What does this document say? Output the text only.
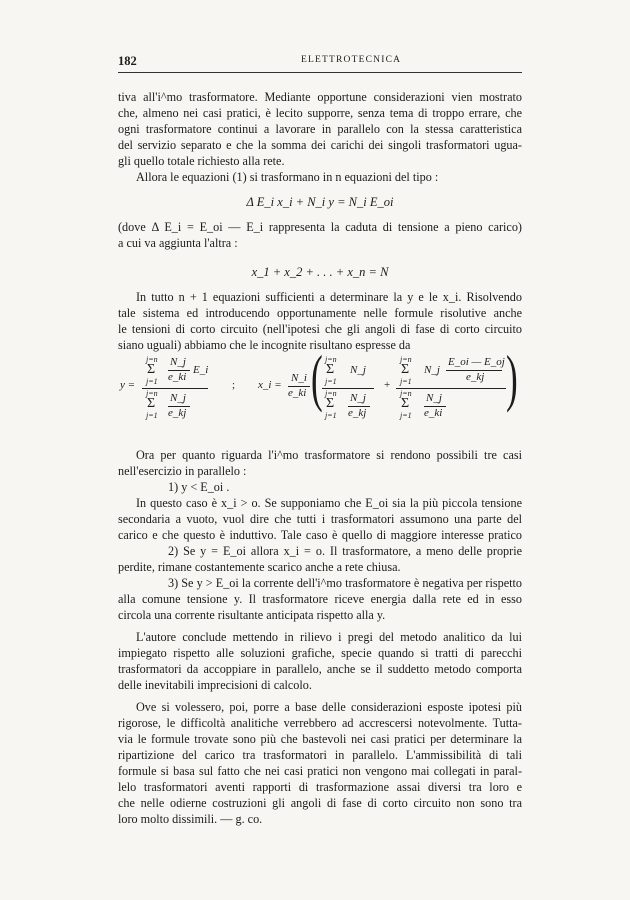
182	ELETTROTECNICA
tiva all'i^mo trasformatore. Mediante opportune considerazioni vien mostrato
che, almeno nei casi pratici, è lecito supporre, senza tema di troppo errare, che
ogni trasformatore continui a lavorare in parallelo con la stessa caratteristica
del servizio separato e che la somma dei carichi dei singoli trasformatori ugua-
gli quello totale richiesto alla rete.
Allora le equazioni (1) si trasformano in n equazioni del tipo :
Δ E_i x_i + N_i y = N_i E_oi
(dove Δ E_i = E_oi — E_i rappresenta la caduta di tensione a pieno carico)
a cui va aggiunta l'altra :
x_1 + x_2 + . . . + x_n = N
In tutto n + 1 equazioni sufficienti a determinare la y e le x_i. Risolvendo
tale sistema ed introducendo opportunamente nelle formule risolutive anche
le tensioni di corto circuito (nell'ipotesi che gli angoli di fase di corto circuito
siano uguali) abbiamo che le incognite risultano espresse da
y =
j=n
Σ
j=1
N_j
e_ki
E_i
j=n
Σ
j=1
N_j
e_kj
; x_i =
N_i
e_ki ( j=n
Σ
j=1
N_j
j=n
Σ
j=1
N_j
e_kj
+
j=n
Σ
j=1
N_j
E_oi — E_oj
e_kj
j=n
Σ
j=1
N_j
e_ki )
Ora per quanto riguarda l'i^mo trasformatore si rendono possibili tre casi
nell'esercizio in parallelo :
1) y < E_oi .
In questo caso è x_i > o. Se supponiamo che E_oi sia la più piccola tensione
secondaria a vuoto, vuol dire che tutti i trasformatori assumono una parte del
carico e che questo è induttivo. Tale caso è quello di maggiore interesse pratico
2) Se y = E_oi allora x_i = o. Il trasformatore, a meno delle proprie
perdite, rimane costantemente scarico anche a rete chiusa.
3) Se y > E_oi la corrente dell'i^mo trasformatore è negativa per rispetto
alla comune tensione y. Il trasformatore riceve energia dalla rete ed in esso
circola una corrente risultante anticipata rispetto alla y.
L'autore conclude mettendo in rilievo i pregi del metodo analitico da lui
impiegato rispetto alle soluzioni grafiche, specie quando si tratti di parecchi
trasformatori da accoppiare in parallelo, anche se il suddetto metodo comporta
delle inevitabili imprecisioni di calcolo.
Ove si volessero, poi, porre a base delle considerazioni esposte ipotesi più
rigorose, le difficoltà analitiche verrebbero ad accrescersi notevolmente. Tutta-
via le formule trovate sono più che bastevoli nei casi pratici per determinare la
ripartizione del carico tra trasformatori in parallelo. L'ammissibilità di tali
formule si basa sul fatto che nei casi pratici non vengono mai collegati in paral-
lelo trasformatori aventi rapporti di trasformazione assai diversi tra loro e
che nelle odierne costruzioni gli angoli di fase di corto circuito non sono tra
loro molto dissimili. — g. co.
